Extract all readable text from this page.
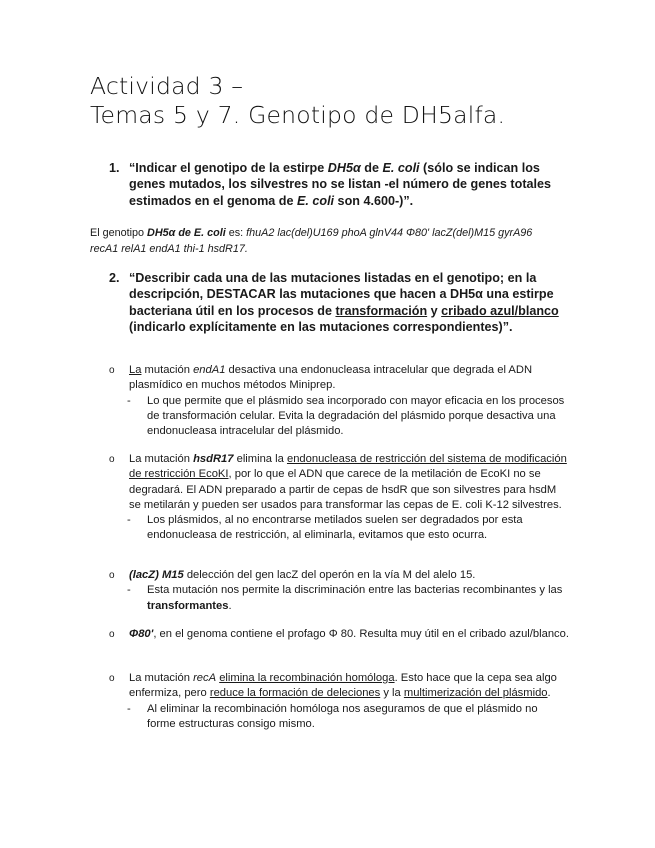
Actividad 3 –
Temas 5 y 7. Genotipo de DH5alfa.
1. “Indicar el genotipo de la estirpe DH5α de E. coli (sólo se indican los genes mutados, los silvestres no se listan -el número de genes totales estimados en el genoma de E. coli son 4.600-)”.
El genotipo DH5α de E. coli es: fhuA2 lac(del)U169 phoA glnV44 Φ80' lacZ(del)M15 gyrA96 recA1 relA1 endA1 thi-1 hsdR17.
2. “Describir cada una de las mutaciones listadas en el genotipo; en la descripción, DESTACAR las mutaciones que hacen a DH5α una estirpe bacteriana útil en los procesos de transformación y cribado azul/blanco (indicarlo explícitamente en las mutaciones correspondientes)”.
o La mutación endA1 desactiva una endonucleasa intracelular que degrada el ADN plasmídico en muchos métodos Miniprep.
- Lo que permite que el plásmido sea incorporado con mayor eficacia en los procesos de transformación celular. Evita la degradación del plásmido porque desactiva una endonucleasa intracelular del plásmido.
o La mutación hsdR17 elimina la endonucleasa de restricción del sistema de modificación de restricción EcoKI, por lo que el ADN que carece de la metilación de EcoKI no se degradará. El ADN preparado a partir de cepas de hsdR que son silvestres para hsdM se metilarán y pueden ser usados para transformar las cepas de E. coli K-12 silvestres.
- Los plásmidos, al no encontrarse metilados suelen ser degradados por esta endonucleasa de restricción, al eliminarla, evitamos que esto ocurra.
o (lacZ) M15 delección del gen lacZ del operón en la vía M del alelo 15.
- Esta mutación nos permite la discriminación entre las bacterias recombinantes y las transformantes.
o Φ80', en el genoma contiene el profago Φ 80. Resulta muy útil en el cribado azul/blanco.
o La mutación recA elimina la recombinación homóloga. Esto hace que la cepa sea algo enfermiza, pero reduce la formación de deleciones y la multimerización del plásmido.
- Al eliminar la recombinación homóloga nos aseguramos de que el plásmido no forme estructuras consigo mismo.
